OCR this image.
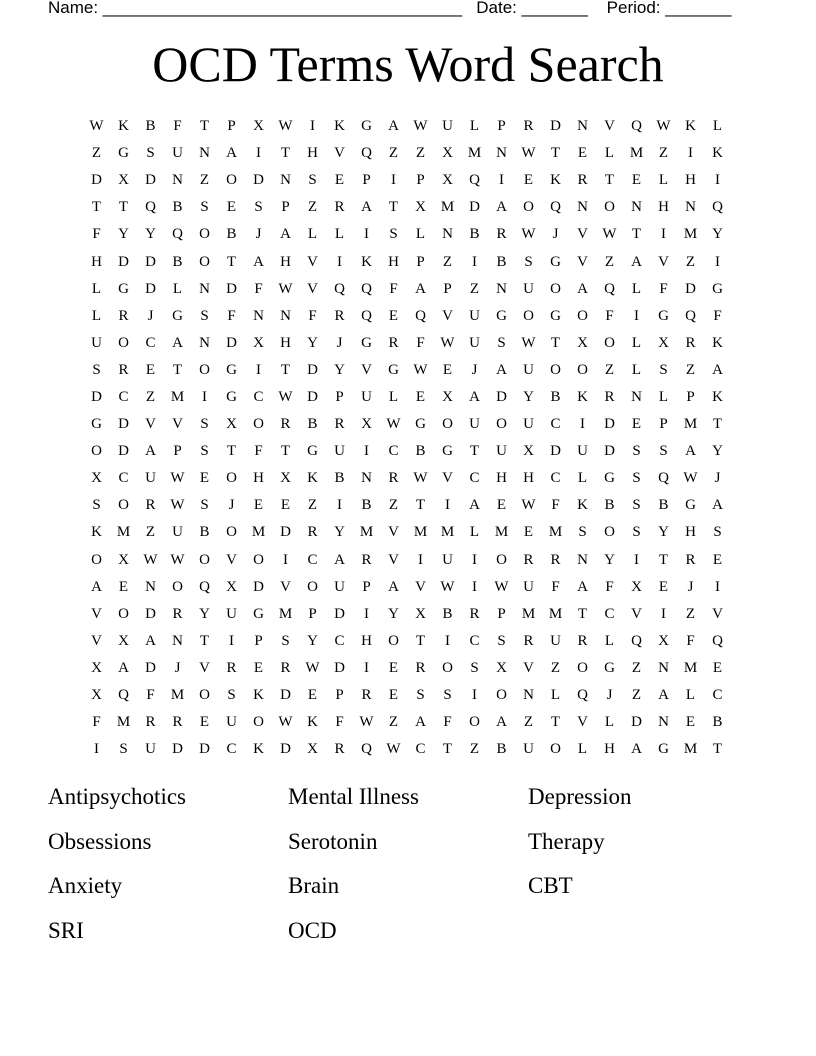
Name: ______________________________________   Date: _______    Period: _______
OCD Terms Word Search
W K	B	F	T	P	X W	I	K	G	A W U	L	P	R	D	N	V	Q W K	L
Z	G	S	U	N	A	I	T	H	V	Q	Z	Z	X M N W	T	E	L	M	Z	I	K
D	X	D	N	Z	O	D	N	S	E	P	I	P	X	Q	I	E	K	R	T	E	L	H	I
T	T	Q	B	S	E	S	P	Z	R	A	T	X M D	A	O	Q	N	O	N	H	N	Q
F	Y	Y	Q	O	B	J	A	L	L	I	S	L	N	B	R W	J	V W	T	I	M Y
H	D	D	B	O	T	A	H	V	I	K	H	P	Z	I	B	S	G	V	Z	A	V	Z	I
L	G	D	L	N	D	F	W V	Q	Q	F	A	P	Z	N	U	O	A	Q	L	F	D	G
L	R	J	G	S	F	N	N	F	R	Q	E	Q	V	U	G	O	G	O	F	I	G	Q	F
U	O	C	A	N	D	X	H	Y	J	G	R	F	W U	S	W	T	X	O	L	X	R	K
S	R	E	T	O	G	I	T	D	Y	V	G W	E	J	A	U	O	O	Z	L	S	Z	A
D	C	Z	M	I	G	C W D	P	U	L	E	X	A	D	Y	B	K	R	N	L	P	K
G	D	V	V	S	X	O	R	B	R	X W G	O	U	O	U	C	I	D	E	P	M	T
O	D	A	P	S	T	F	T	G	U	I	C	B	G	T	U	X	D	U	D	S	S	A	Y
X	C	U W	E	O	H	X	K	B	N	R W V	C	H	H	C	L	G	S	Q W	J
S	O	R W	S	J	E	E	Z	I	B	Z	T	I	A	E	W	F	K	B	S	B	G	A
K M	Z	U	B	O M D	R	Y M V M M	L	M	E	M	S	O	S	Y	H	S
O	X W W O	V	O	I	C	A	R	V	I	U	I	O	R	R	N	Y	I	T	R	E
A	E	N	O	Q	X	D	V	O	U	P	A	V W	I	W U	F	A	F	X	E	J	I
V	O	D	R	Y	U	G M	P	D	I	Y	X	B	R	P	M M	T	C	V	I	Z	V
V	X	A	N	T	I	P	S	Y	C	H	O	T	I	C	S	R	U	R	L	Q	X	F	Q
X	A	D	J	V	R	E	R W D	I	E	R	O	S	X	V	Z	O	G	Z	N M	E
X	Q	F	M O	S	K	D	E	P	R	E	S	S	I	O	N	L	Q	J	Z	A	L	C
F	M	R	R	E	U	O W K	F	W	Z	A	F	O	A	Z	T	V	L	D	N	E	B
I	S	U	D	D	C	K	D	X	R	Q W C	T	Z	B	U	O	L	H	A	G M	T
Antipsychotics	Mental Illness	Depression
Obsessions	Serotonin	Therapy
Anxiety	Brain	CBT
SRI	OCD
